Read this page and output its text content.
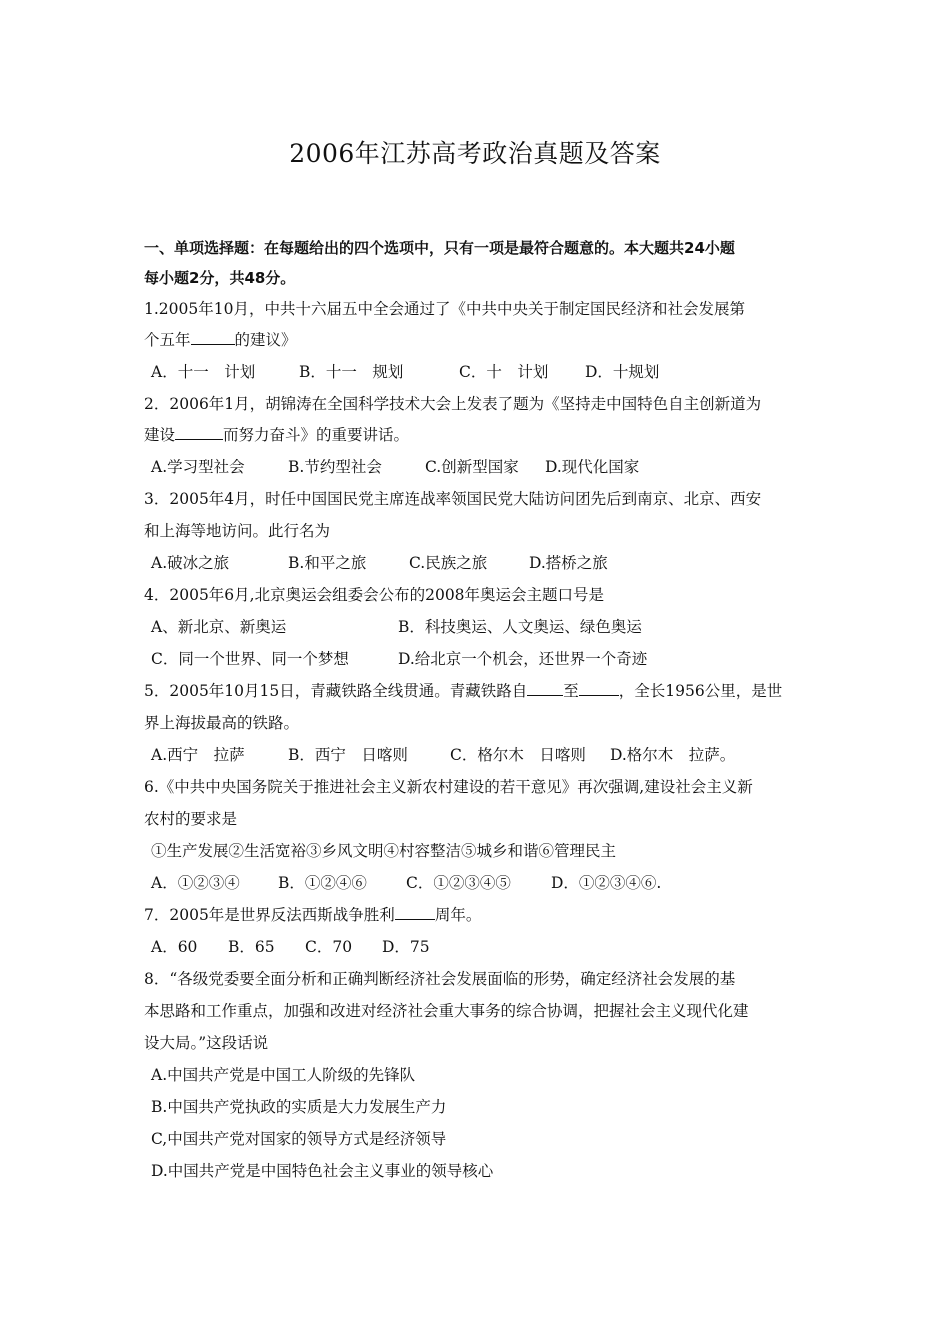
2006年江苏高考政治真题及答案
一、单项选择题：在每题给出的四个选项中，只有一项是最符合题意的。本大题共24小题
每小题2分，共48分。
1.2005年10月，中共十六届五中全会通过了《中共中央关于制定国民经济和社会发展第
个五年	的建议》
A．十一　计划	B．十一　规划	C．十　计划 D．十规划
2．2006年1月，胡锦涛在全国科学技术大会上发表了题为《坚持走中国特色自主创新道为
建设	而努力奋斗》的重要讲话。
A.学习型社会	B.节约型社会	C.创新型国家 D.现代化国家
3．2005年4月，时任中国国民党主席连战率领国民党大陆访问团先后到南京、北京、西安
和上海等地访问。此行名为
A.破冰之旅	B.和平之旅	C.民族之旅	D.搭桥之旅
4．2005年6月,北京奥运会组委会公布的2008年奥运会主题口号是
A、新北京、新奥运	B．科技奥运、人文奥运、绿色奥运
C．同一个世界、同一个梦想	D.给北京一个机会，还世界一个奇迹
5．2005年10月15日，青藏铁路全线贯通。青藏铁路自 至	，全长1956公里，是世
界上海拔最高的铁路。
A.西宁　拉萨	B．西宁　日喀则	C．格尔木　日喀则 D.格尔木　拉萨。
6.《中共中央国务院关于推进社会主义新农村建设的若干意见》再次强调,建设社会主义新
农村的要求是
①生产发展②生活宽裕③乡风文明④村容整洁⑤城乡和谐⑥管理民主
A．①②③④ B．①②④⑥	C．①②③④⑤	D．①②③④⑥.
7．2005年是世界反法西斯战争胜利	周年。
A．60 B．65 C．70 D．75
8．“各级党委要全面分析和正确判断经济社会发展面临的形势，确定经济社会发展的基
本思路和工作重点，加强和改进对经济社会重大事务的综合协调，把握社会主义现代化建
设大局。”这段话说
A.中国共产党是中国工人阶级的先锋队
B.中国共产党执政的实质是大力发展生产力
C,中国共产党对国家的领导方式是经济领导
D.中国共产党是中国特色社会主义事业的领导核心
